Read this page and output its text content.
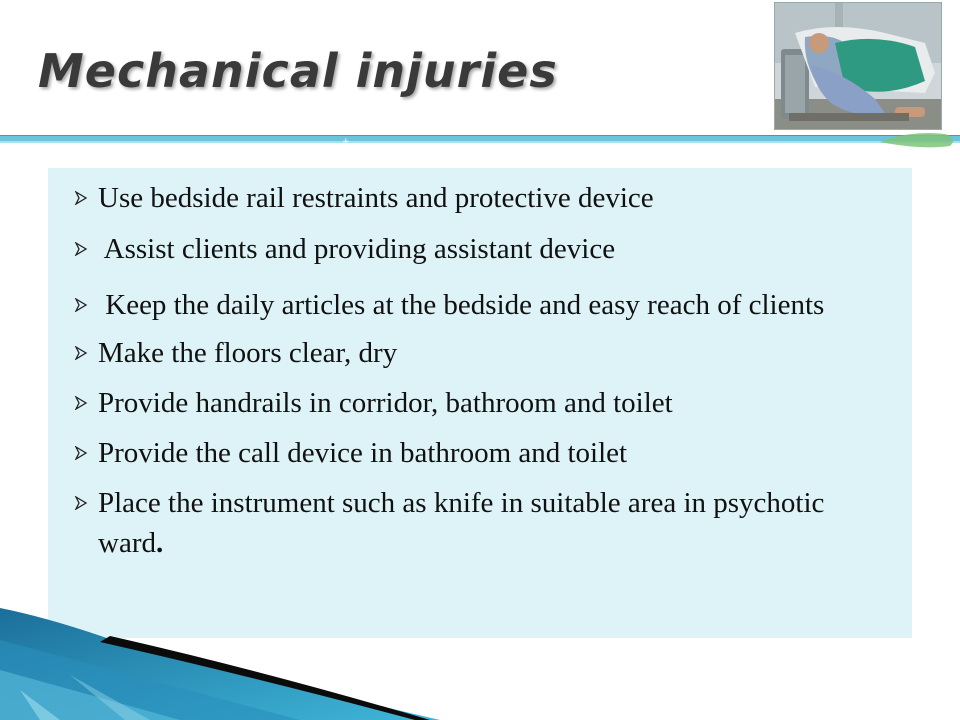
Mechanical injuries
+
Use bedside rail restraints and protective device
Assist clients and providing assistant device
Keep the daily articles at the bedside and easy reach of clients
Make the floors clear, dry
Provide handrails in corridor, bathroom and toilet
Provide the call device in bathroom and toilet
Place the instrument such as knife in suitable area in psychotic ward.
